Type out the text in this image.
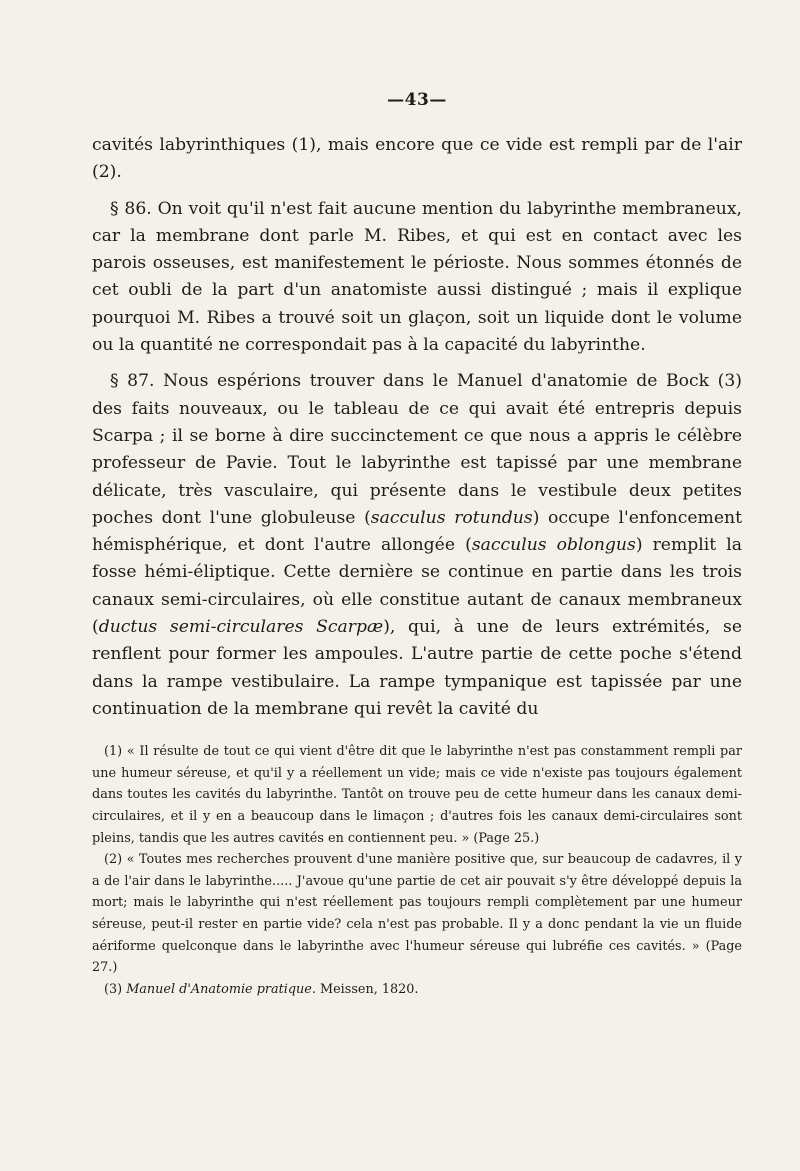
—43—

cavités labyrinthiques (1), mais encore que ce vide est rempli par de l'air (2).

§ 86. On voit qu'il n'est fait aucune mention du labyrinthe membraneux, car la membrane dont parle M. Ribes, et qui est en contact avec les parois osseuses, est manifestement le périoste. Nous sommes étonnés de cet oubli de la part d'un anatomiste aussi distingué ; mais il explique pourquoi M. Ribes a trouvé soit un glaçon, soit un liquide dont le volume ou la quantité ne correspondait pas à la capacité du labyrinthe.

§ 87. Nous espérions trouver dans le Manuel d'anatomie de Bock (3) des faits nouveaux, ou le tableau de ce qui avait été entrepris depuis Scarpa ; il se borne à dire succinctement ce que nous a appris le célèbre professeur de Pavie. Tout le labyrinthe est tapissé par une membrane délicate, très vasculaire, qui présente dans le vestibule deux petites poches dont l'une globuleuse (sacculus rotundus) occupe l'enfoncement hémisphérique, et dont l'autre allongée (sacculus oblongus) remplit la fosse hémi-éliptique. Cette dernière se continue en partie dans les trois canaux semi-circulaires, où elle constitue autant de canaux membraneux (ductus semi-circulares Scarpæ), qui, à une de leurs extrémités, se renflent pour former les ampoules. L'autre partie de cette poche s'étend dans la rampe vestibulaire. La rampe tympanique est tapissée par une continuation de la membrane qui revêt la cavité du

(1) « Il résulte de tout ce qui vient d'être dit que le labyrinthe n'est pas constamment rempli par une humeur séreuse, et qu'il y a réellement un vide; mais ce vide n'existe pas toujours également dans toutes les cavités du labyrinthe. Tantôt on trouve peu de cette humeur dans les canaux demi-circulaires, et il y en a beaucoup dans le limaçon ; d'autres fois les canaux demi-circulaires sont pleins, tandis que les autres cavités en contiennent peu. » (Page 25.)

(2) « Toutes mes recherches prouvent d'une manière positive que, sur beaucoup de cadavres, il y a de l'air dans le labyrinthe..... J'avoue qu'une partie de cet air pouvait s'y être développé depuis la mort; mais le labyrinthe qui n'est réellement pas toujours rempli complètement par une humeur séreuse, peut-il rester en partie vide? cela n'est pas probable. Il y a donc pendant la vie un fluide aériforme quelconque dans le labyrinthe avec l'humeur séreuse qui lubréfie ces cavités. » (Page 27.)

(3) Manuel d'Anatomie pratique. Meissen, 1820.
